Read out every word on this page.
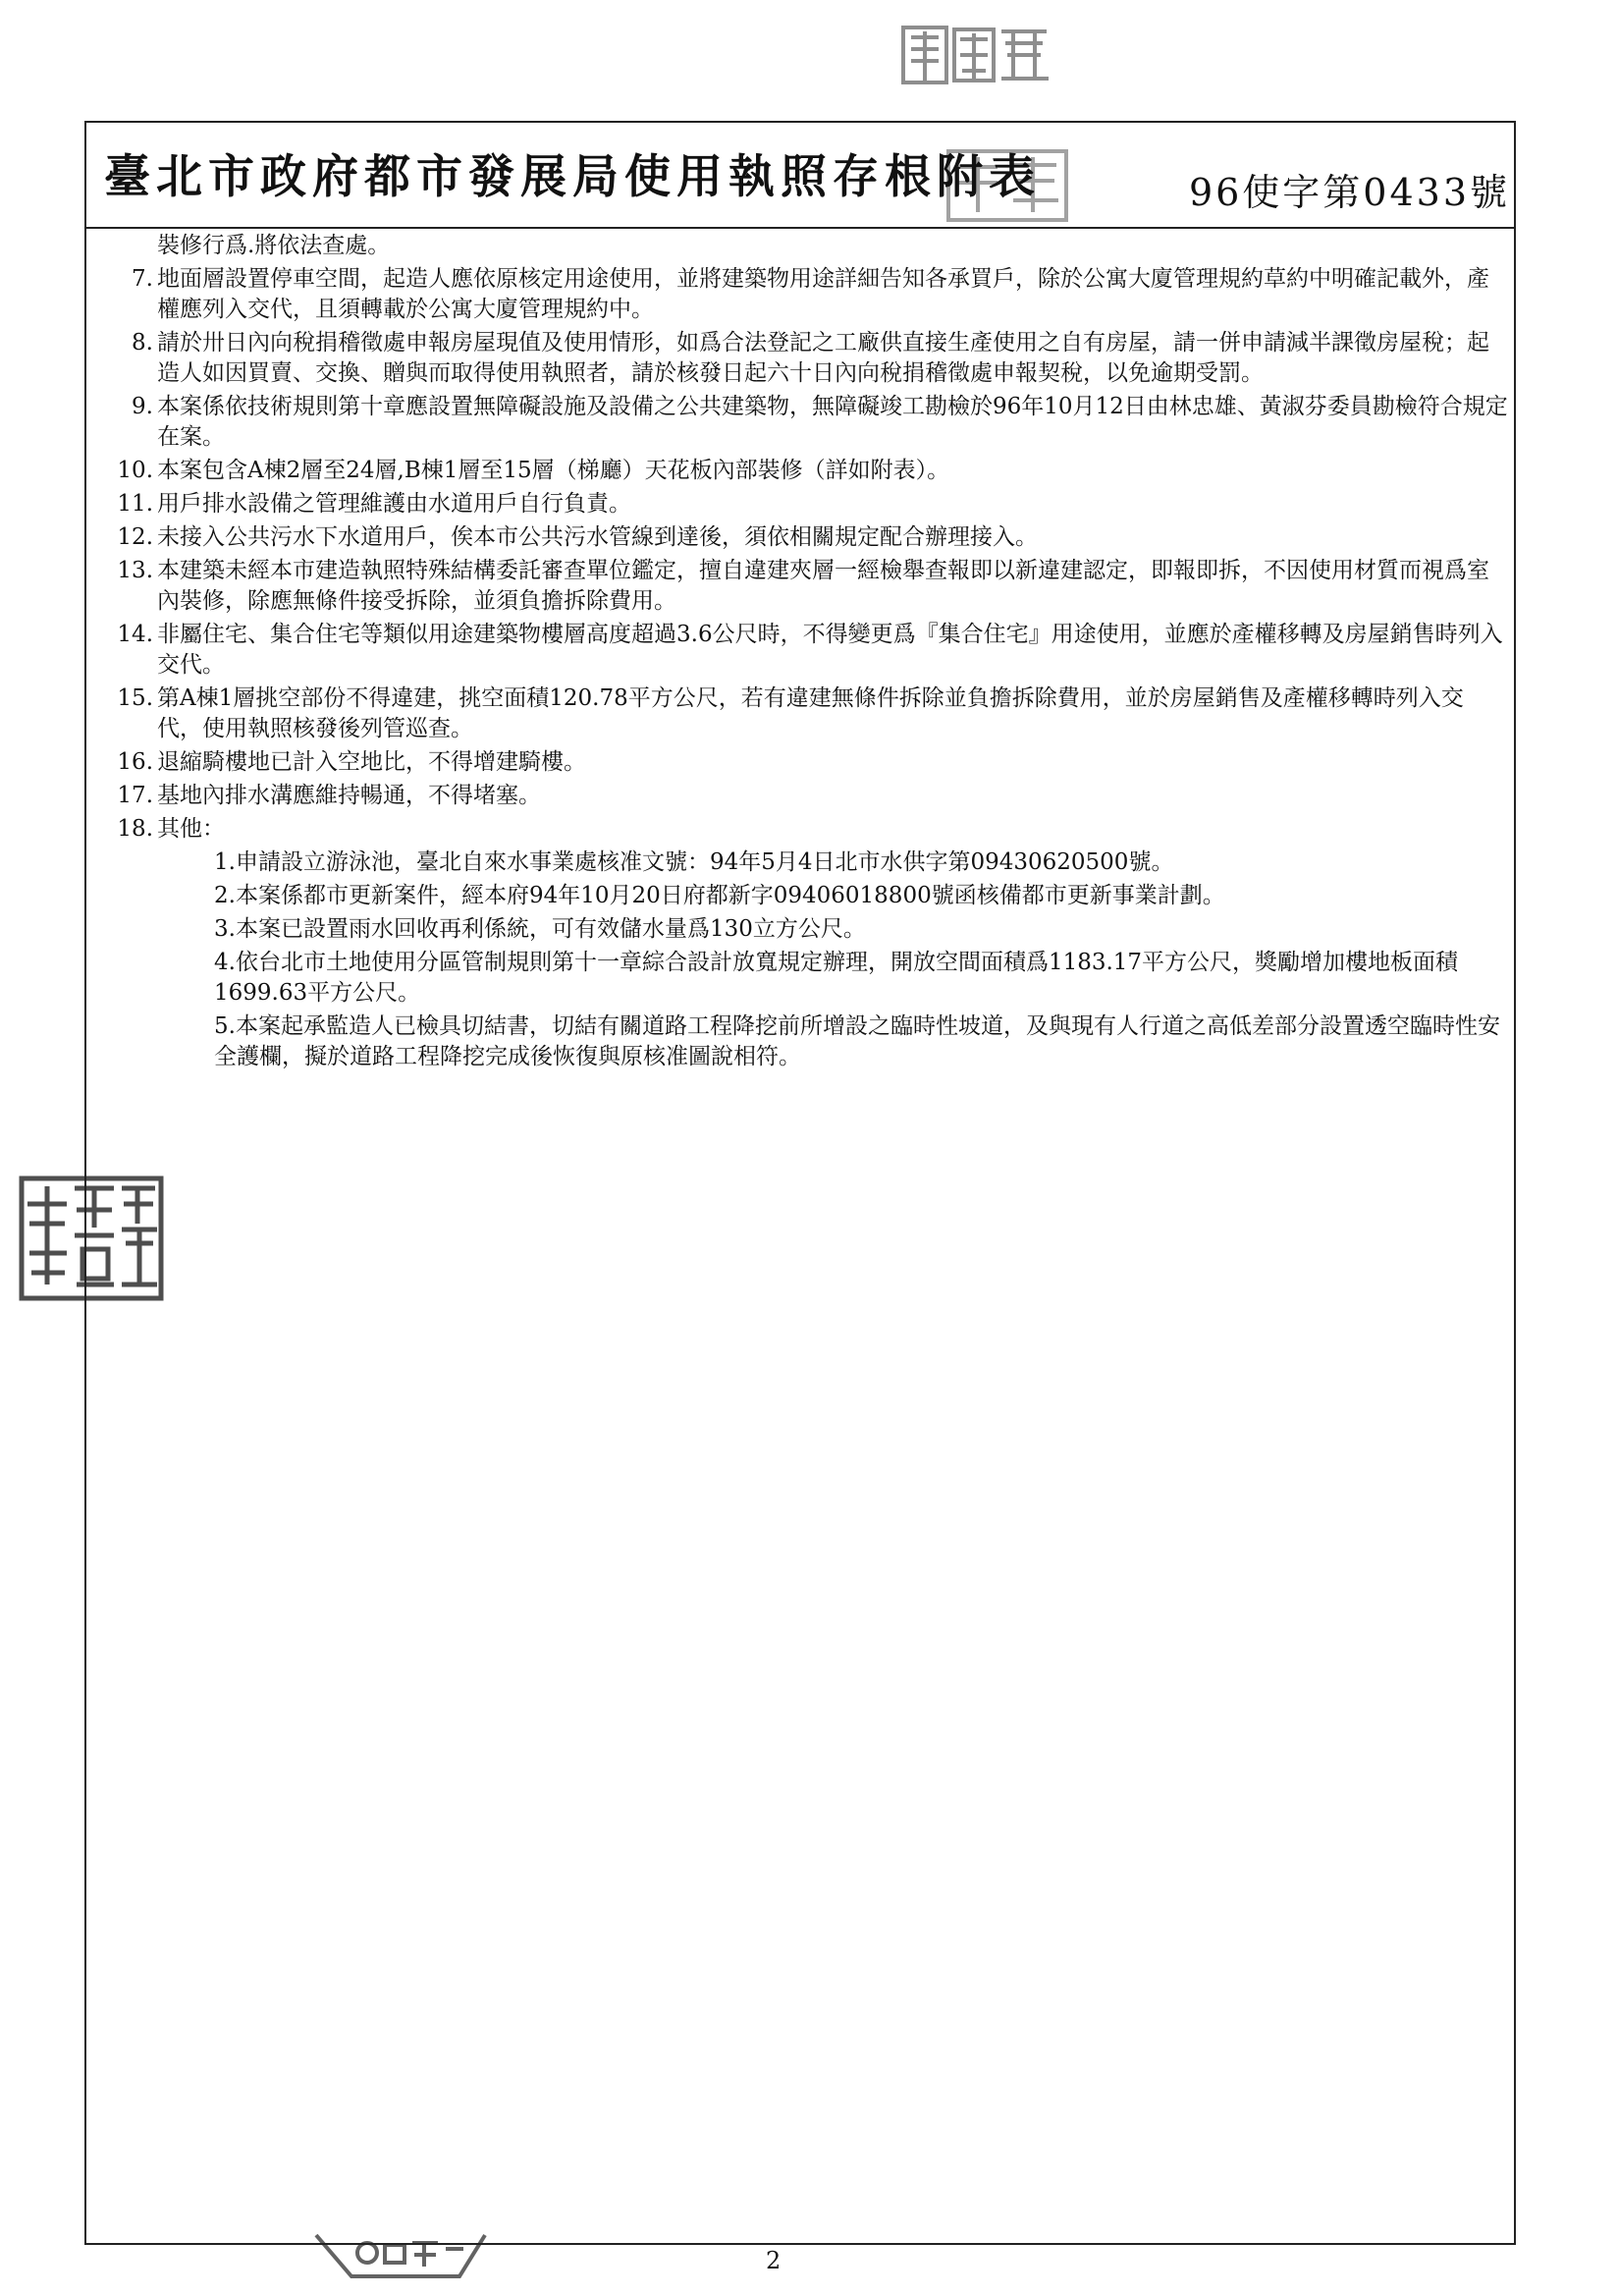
臺北市政府都市發展局使用執照存根附表	96使字第0433號
裝修行爲.將依法查處。
7. 地面層設置停車空間，起造人應依原核定用途使用，並將建築物用途詳細告知各承買戶，除於公寓大廈管理規約草約中明確記載外，產權應列入交代，且須轉載於公寓大廈管理規約中。
8. 請於卅日內向稅捐稽徵處申報房屋現值及使用情形，如爲合法登記之工廠供直接生產使用之自有房屋，請一併申請減半課徵房屋稅；起造人如因買賣、交換、贈與而取得使用執照者，請於核發日起六十日內向稅捐稽徵處申報契稅，以免逾期受罰。
9. 本案係依技術規則第十章應設置無障礙設施及設備之公共建築物，無障礙竣工勘檢於96年10月12日由林忠雄、黃淑芬委員勘檢符合規定在案。
10. 本案包含A棟2層至24層,B棟1層至15層（梯廳）天花板內部裝修（詳如附表）。
11. 用戶排水設備之管理維護由水道用戶自行負責。
12. 未接入公共污水下水道用戶，俟本市公共污水管線到達後，須依相關規定配合辦理接入。
13. 本建築未經本市建造執照特殊結構委託審查單位鑑定，擅自違建夾層一經檢舉查報即以新違建認定，即報即拆，不因使用材質而視爲室內裝修，除應無條件接受拆除，並須負擔拆除費用。
14. 非屬住宅、集合住宅等類似用途建築物樓層高度超過3.6公尺時，不得變更爲『集合住宅』用途使用，並應於產權移轉及房屋銷售時列入交代。
15. 第A棟1層挑空部份不得違建，挑空面積120.78平方公尺，若有違建無條件拆除並負擔拆除費用，並於房屋銷售及產權移轉時列入交代，使用執照核發後列管巡查。
16. 退縮騎樓地已計入空地比，不得增建騎樓。
17. 基地內排水溝應維持暢通，不得堵塞。
18. 其他：
1.申請設立游泳池，臺北自來水事業處核准文號：94年5月4日北市水供字第09430620500號。
2.本案係都市更新案件，經本府94年10月20日府都新字09406018800號函核備都市更新事業計劃。
3.本案已設置雨水回收再利係統，可有效儲水量爲130立方公尺。
4.依台北市土地使用分區管制規則第十一章綜合設計放寬規定辦理，開放空間面積爲1183.17平方公尺，獎勵增加樓地板面積1699.63平方公尺。
5.本案起承監造人已檢具切結書，切結有關道路工程降挖前所增設之臨時性坡道，及與現有人行道之高低差部分設置透空臨時性安全護欄，擬於道路工程降挖完成後恢復與原核准圖說相符。
2
